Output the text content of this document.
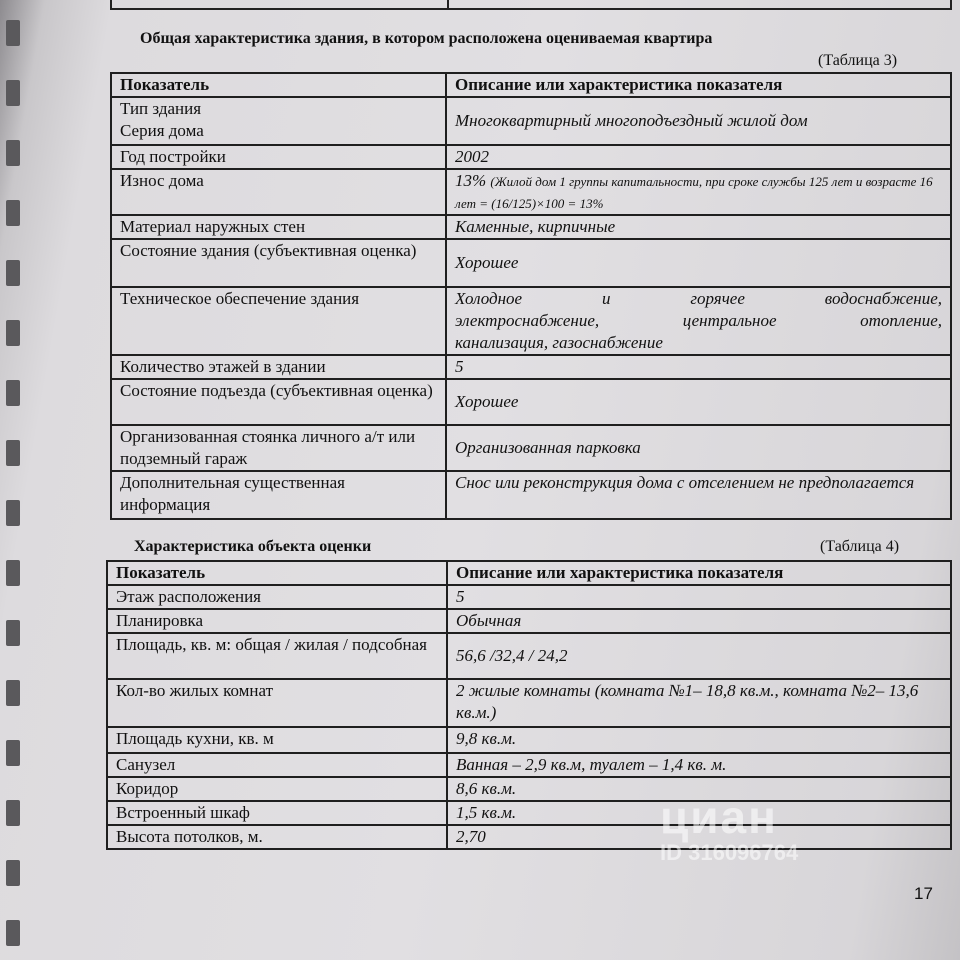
Общая характеристика здания, в котором расположена оцениваемая квартира
(Таблица 3)
Показатель	Описание или характеристика показателя
Тип здания
Серия дома	Многоквартирный многоподъездный жилой дом
Год постройки	2002
Износ дома	13% (Жилой дом 1 группы капитальности, при сроке службы 125 лет и возрасте 16 лет = (16/125)×100 = 13%
Материал наружных стен	Каменные, кирпичные
Состояние здания (субъективная оценка)	Хорошее
Техническое обеспечение здания	Холодное и горячее водоснабжение,
электроснабжение, центральное отопление,
канализация, газоснабжение

Количество этажей в здании	5
Состояние подъезда (субъективная оценка)	Хорошее
Организованная стоянка личного а/т или подземный гараж	Организованная парковка
Дополнительная существенная информация	Снос или реконструкция дома с отселением не предполагается
Характеристика объекта оценки	(Таблица 4)
Показатель	Описание или характеристика показателя
Этаж расположения	5
Планировка	Обычная
Площадь, кв. м: общая / жилая / подсобная	56,6 /32,4 / 24,2
Кол-во жилых комнат	2 жилые комнаты (комната №1– 18,8 кв.м., комната №2– 13,6 кв.м.)
Площадь кухни, кв. м	9,8 кв.м.
Санузел	Ванная – 2,9 кв.м, туалет – 1,4 кв. м.
Коридор	8,6 кв.м.
Встроенный шкаф	1,5 кв.м.
Высота потолков, м.	2,70	циан
ID 316096764
17
